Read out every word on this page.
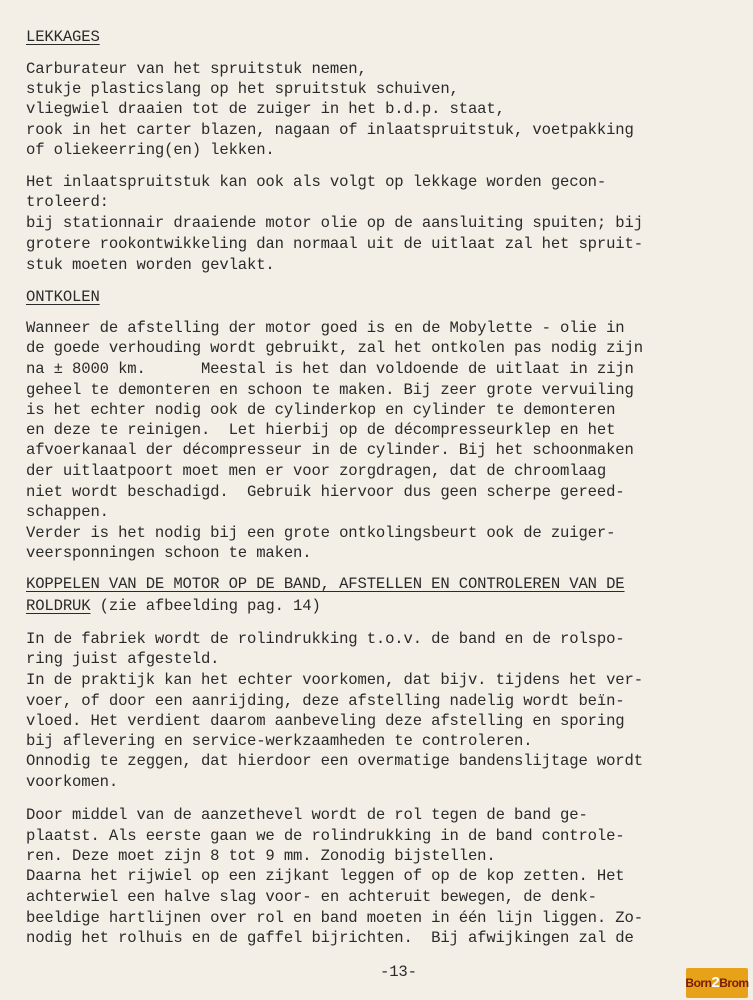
LEKKAGES

Carburateur van het spruitstuk nemen,

stukje plasticslang op het spruitstuk schuiven,

vliegwiel draaien tot de zuiger in het b.d.p. staat,

rook in het carter blazen, nagaan of inlaatspruitstuk, voetpakking

of oliekeerring(en) lekken.

Het inlaatspruitstuk kan ook als volgt op lekkage worden gecon-

troleerd:

bij stationnair draaiende motor olie op de aansluiting spuiten; bij

grotere rookontwikkeling dan normaal uit de uitlaat zal het spruit-

stuk moeten worden gevlakt.

ONTKOLEN

Wanneer de afstelling der motor goed is en de Mobylette - olie in

de goede verhouding wordt gebruikt, zal het ontkolen pas nodig zijn

na ± 8000 km.      Meestal is het dan voldoende de uitlaat in zijn

geheel te demonteren en schoon te maken. Bij zeer grote vervuiling

is het echter nodig ook de cylinderkop en cylinder te demonteren

en deze te reinigen.  Let hierbij op de décompresseurklep en het

afvoerkanaal der décompresseur in de cylinder. Bij het schoonmaken

der uitlaatpoort moet men er voor zorgdragen, dat de chroomlaag

niet wordt beschadigd.  Gebruik hiervoor dus geen scherpe gereed-

schappen.

Verder is het nodig bij een grote ontkolingsbeurt ook de zuiger-

veersponningen schoon te maken.

KOPPELEN VAN DE MOTOR OP DE BAND, AFSTELLEN EN CONTROLEREN VAN DE

ROLDRUK (zie afbeelding pag. 14)

In de fabriek wordt de rolindrukking t.o.v. de band en de rolspo-

ring juist afgesteld.

In de praktijk kan het echter voorkomen, dat bijv. tijdens het ver-

voer, of door een aanrijding, deze afstelling nadelig wordt beïn-

vloed. Het verdient daarom aanbeveling deze afstelling en sporing

bij aflevering en service-werkzaamheden te controleren.

Onnodig te zeggen, dat hierdoor een overmatige bandenslijtage wordt

voorkomen.

Door middel van de aanzethevel wordt de rol tegen de band ge-

plaatst. Als eerste gaan we de rolindrukking in de band controle-

ren. Deze moet zijn 8 tot 9 mm. Zonodig bijstellen.

Daarna het rijwiel op een zijkant leggen of op de kop zetten. Het

achterwiel een halve slag voor- en achteruit bewegen, de denk-

beeldige hartlijnen over rol en band moeten in één lijn liggen. Zo-

nodig het rolhuis en de gaffel bijrichten.  Bij afwijkingen zal de

-13-

Born2Brom
